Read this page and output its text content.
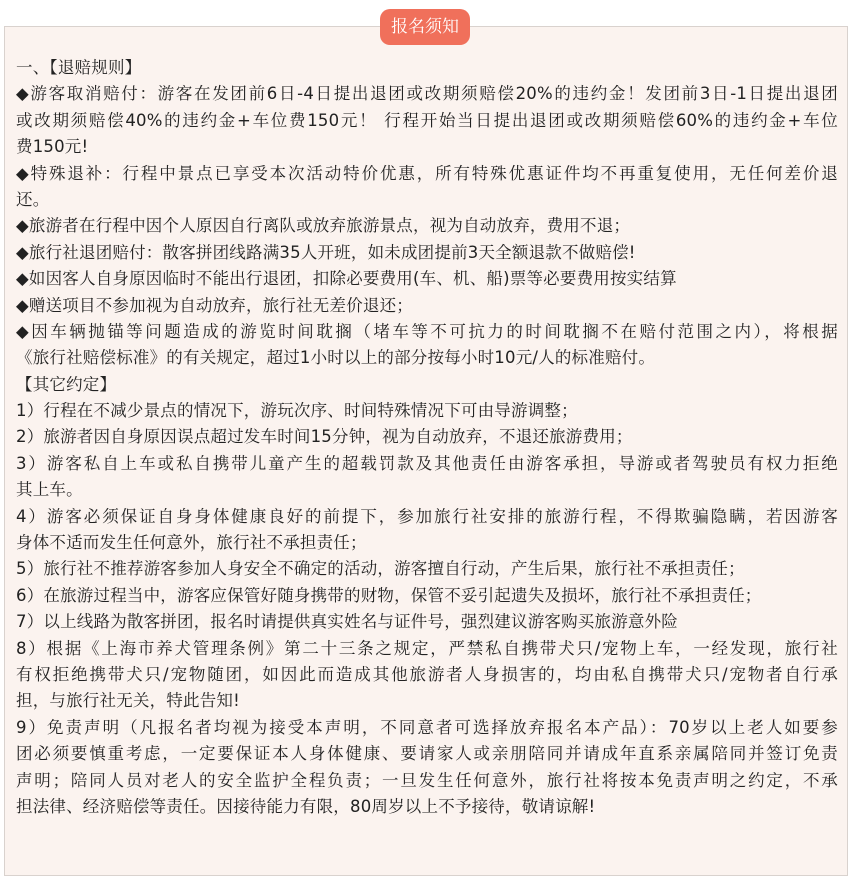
报名须知
一、【退赔规则】
◆游客取消赔付：游客在发团前6日-4日提出退团或改期须赔偿20%的违约金！发团前3日-1日提出退团
或改期须赔偿40%的违约金+车位费150元！ 行程开始当日提出退团或改期须赔偿60%的违约金+车位
费150元!
◆特殊退补：行程中景点已享受本次活动特价优惠，所有特殊优惠证件均不再重复使用，无任何差价退
还。
◆旅游者在行程中因个人原因自行离队或放弃旅游景点，视为自动放弃，费用不退；
◆旅行社退团赔付：散客拼团线路满35人开班，如未成团提前3天全额退款不做赔偿!
◆如因客人自身原因临时不能出行退团，扣除必要费用(车、机、船)票等必要费用按实结算
◆赠送项目不参加视为自动放弃，旅行社无差价退还；
◆因车辆抛锚等问题造成的游览时间耽搁（堵车等不可抗力的时间耽搁不在赔付范围之内），将根据
《旅行社赔偿标准》的有关规定，超过1小时以上的部分按每小时10元/人的标准赔付。
【其它约定】
1）行程在不减少景点的情况下，游玩次序、时间特殊情况下可由导游调整；
2）旅游者因自身原因误点超过发车时间15分钟，视为自动放弃，不退还旅游费用；
3）游客私自上车或私自携带儿童产生的超载罚款及其他责任由游客承担，导游或者驾驶员有权力拒绝
其上车。
4）游客必须保证自身身体健康良好的前提下，参加旅行社安排的旅游行程，不得欺骗隐瞒，若因游客
身体不适而发生任何意外，旅行社不承担责任；
5）旅行社不推荐游客参加人身安全不确定的活动，游客擅自行动，产生后果，旅行社不承担责任；
6）在旅游过程当中，游客应保管好随身携带的财物，保管不妥引起遗失及损坏，旅行社不承担责任；
7）以上线路为散客拼团，报名时请提供真实姓名与证件号，强烈建议游客购买旅游意外险
8）根据《上海市养犬管理条例》第二十三条之规定，严禁私自携带犬只/宠物上车，一经发现，旅行社
有权拒绝携带犬只/宠物随团，如因此而造成其他旅游者人身损害的，均由私自携带犬只/宠物者自行承
担，与旅行社无关，特此告知!
9）免责声明（凡报名者均视为接受本声明，不同意者可选择放弃报名本产品）：70岁以上老人如要参
团必须要慎重考虑，一定要保证本人身体健康、要请家人或亲朋陪同并请成年直系亲属陪同并签订免责
声明；陪同人员对老人的安全监护全程负责；一旦发生任何意外，旅行社将按本免责声明之约定，不承
担法律、经济赔偿等责任。因接待能力有限，80周岁以上不予接待，敬请谅解!
